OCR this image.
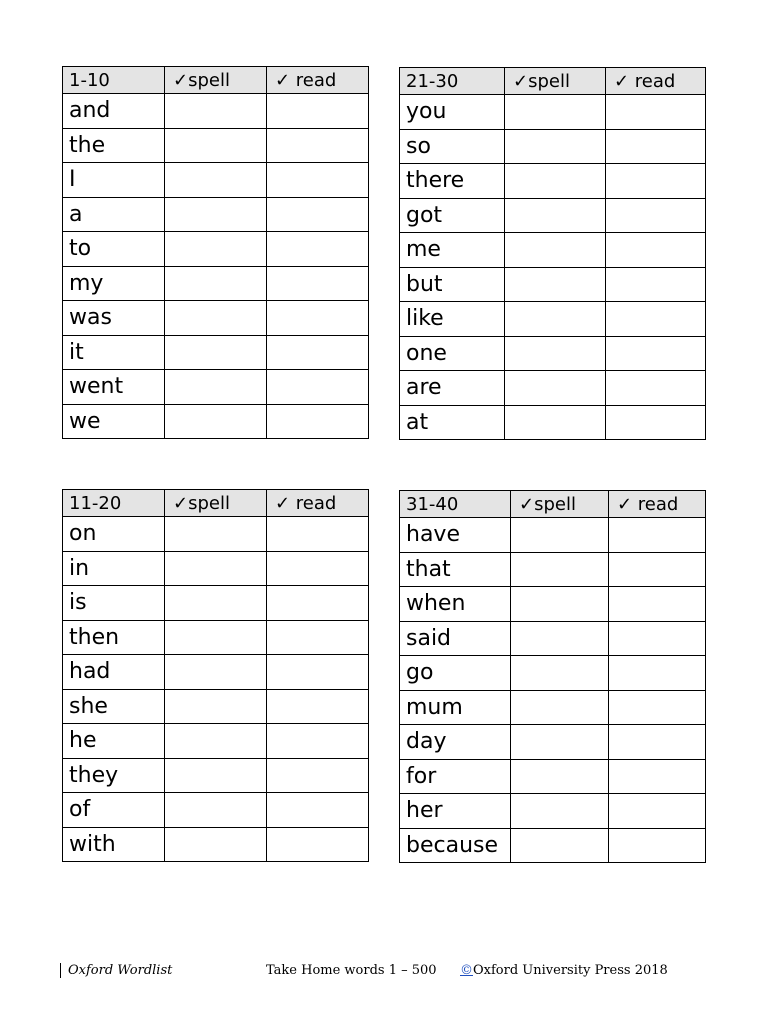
1-10	✓spell	✓ read
and		
the		
I		
a		
to		
my		
was		
it		
went		
we		
21-30	✓spell	✓ read
you		
so		
there		
got		
me		
but		
like		
one		
are		
at		
11-20	✓spell	✓ read
on		
in		
is		
then		
had		
she		
he		
they		
of		
with		
31-40	✓spell	✓ read
have		
that		
when		
said		
go		
mum		
day		
for		
her		
because		
Oxford Wordlist	Take Home words 1 – 500 ©Oxford University Press 2018
